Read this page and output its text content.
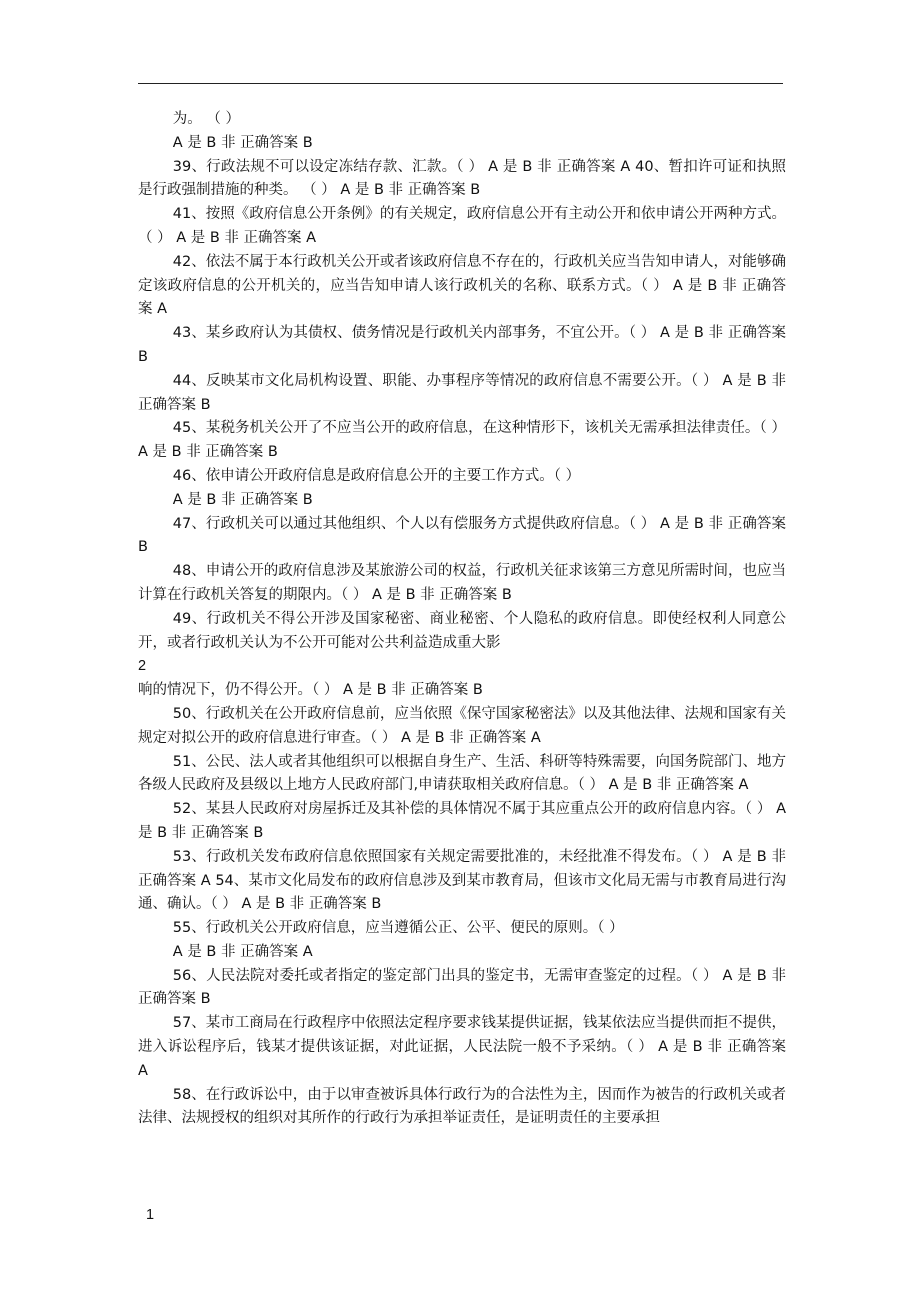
为。 （ ）

A 是 B 非 正确答案 B

39、行政法规不可以设定冻结存款、汇款。（ ） A 是 B 非 正确答案 A 40、暂扣许可证和执照是行政强制措施的种类。 （ ） A 是 B 非 正确答案 B

41、按照《政府信息公开条例》的有关规定，政府信息公开有主动公开和依申请公开两种方式。（ ） A 是 B 非 正确答案 A

42、依法不属于本行政机关公开或者该政府信息不存在的，行政机关应当告知申请人，对能够确定该政府信息的公开机关的，应当告知申请人该行政机关的名称、联系方式。（ ） A 是 B 非 正确答案 A

43、某乡政府认为其债权、债务情况是行政机关内部事务，不宜公开。（ ） A 是 B 非 正确答案 B

44、反映某市文化局机构设置、职能、办事程序等情况的政府信息不需要公开。（ ） A 是 B 非 正确答案 B

45、某税务机关公开了不应当公开的政府信息，在这种情形下，该机关无需承担法律责任。（ ） A 是 B 非 正确答案 B

46、依申请公开政府信息是政府信息公开的主要工作方式。（ ）

A 是 B 非 正确答案 B

47、行政机关可以通过其他组织、个人以有偿服务方式提供政府信息。（ ） A 是 B 非 正确答案 B

48、申请公开的政府信息涉及某旅游公司的权益，行政机关征求该第三方意见所需时间，也应当计算在行政机关答复的期限内。（ ） A 是 B 非 正确答案 B

49、行政机关不得公开涉及国家秘密、商业秘密、个人隐私的政府信息。即使经权利人同意公开，或者行政机关认为不公开可能对公共利益造成重大影

2

响的情况下，仍不得公开。（ ） A 是 B 非 正确答案 B

50、行政机关在公开政府信息前，应当依照《保守国家秘密法》以及其他法律、法规和国家有关规定对拟公开的政府信息进行审查。（ ） A 是 B 非 正确答案 A

51、公民、法人或者其他组织可以根据自身生产、生活、科研等特殊需要，向国务院部门、地方各级人民政府及县级以上地方人民政府部门,申请获取相关政府信息。（ ） A 是 B 非 正确答案 A

52、某县人民政府对房屋拆迁及其补偿的具体情况不属于其应重点公开的政府信息内容。（ ） A 是 B 非 正确答案 B

53、行政机关发布政府信息依照国家有关规定需要批准的，未经批准不得发布。（ ） A 是 B 非 正确答案 A 54、某市文化局发布的政府信息涉及到某市教育局，但该市文化局无需与市教育局进行沟通、确认。（ ） A 是 B 非 正确答案 B

55、行政机关公开政府信息，应当遵循公正、公平、便民的原则。（ ）

A 是 B 非 正确答案 A

56、人民法院对委托或者指定的鉴定部门出具的鉴定书，无需审查鉴定的过程。（ ） A 是 B 非 正确答案 B

57、某市工商局在行政程序中依照法定程序要求钱某提供证据，钱某依法应当提供而拒不提供，进入诉讼程序后，钱某才提供该证据，对此证据，人民法院一般不予采纳。（ ） A 是 B 非 正确答案 A

58、在行政诉讼中，由于以审查被诉具体行政行为的合法性为主，因而作为被告的行政机关或者法律、法规授权的组织对其所作的行政行为承担举证责任，是证明责任的主要承担

1
